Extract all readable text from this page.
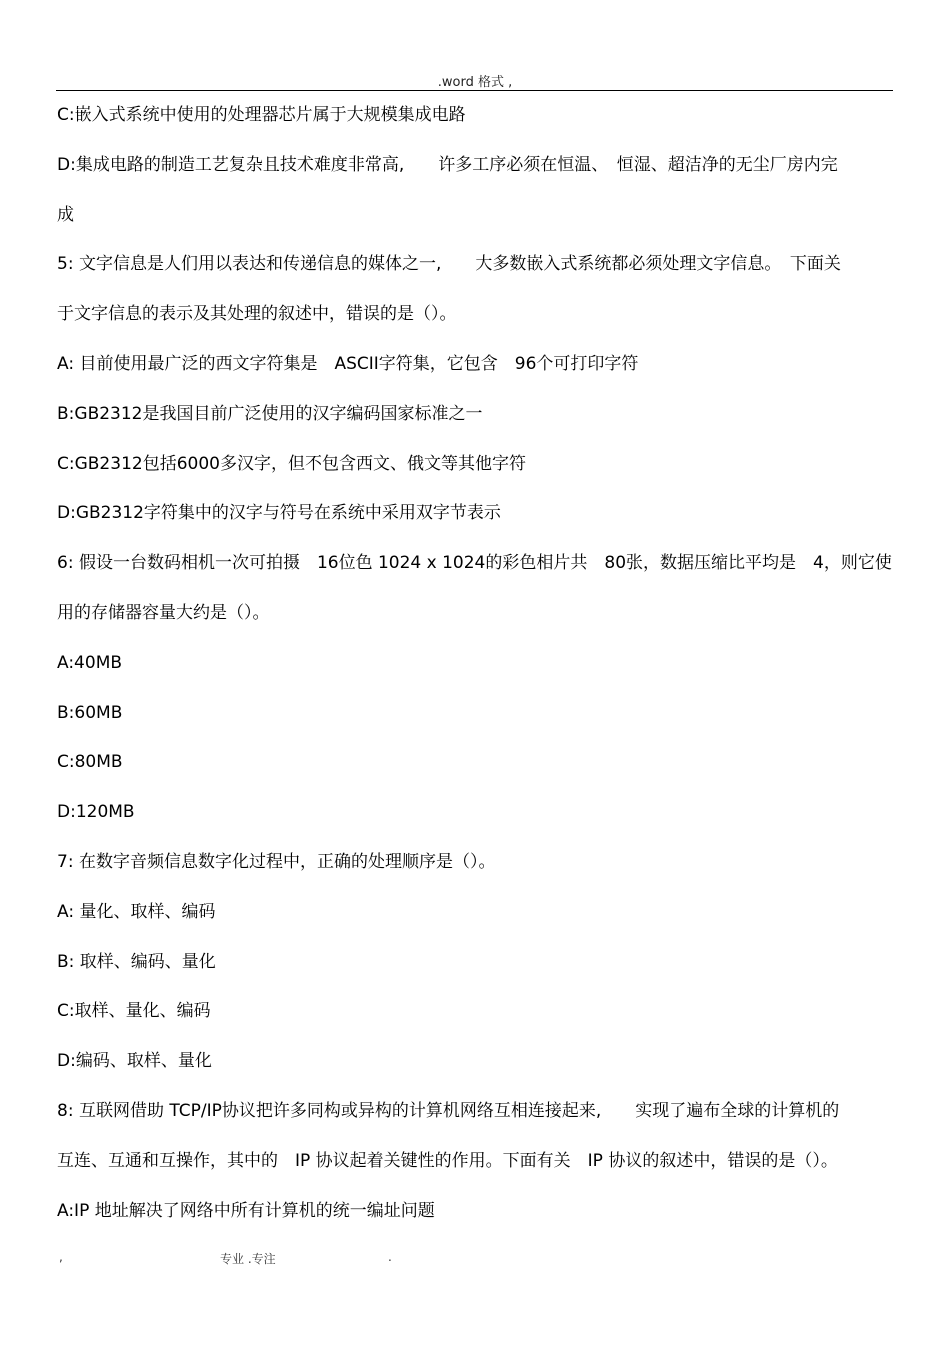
.word 格式 ,
C:嵌入式系统中使用的处理器芯片属于大规模集成电路
D:集成电路的制造工艺复杂且技术难度非常高,　　许多工序必须在恒温、　恒湿、超洁净的无尘厂房内完
成
5: 文字信息是人们用以表达和传递信息的媒体之一,　　大多数嵌入式系统都必须处理文字信息。　下面关
于文字信息的表示及其处理的叙述中，错误的是（）。
A: 目前使用最广泛的西文字符集是　ASCII字符集，它包含　96个可打印字符
B:GB2312是我国目前广泛使用的汉字编码国家标准之一
C:GB2312包括6000多汉字，但不包含西文、俄文等其他字符
D:GB2312字符集中的汉字与符号在系统中采用双字节表示
6: 假设一台数码相机一次可拍摄　16位色 1024 x 1024的彩色相片共　80张，数据压缩比平均是　4，则它使
用的存储器容量大约是（）。
A:40MB
B:60MB
C:80MB
D:120MB
7: 在数字音频信息数字化过程中，正确的处理顺序是（）。
A: 量化、取样、编码
B: 取样、编码、量化
C:取样、量化、编码
D:编码、取样、量化
8: 互联网借助 TCP/IP协议把许多同构或异构的计算机网络互相连接起来,　　实现了遍布全球的计算机的
互连、互通和互操作，其中的　IP 协议起着关键性的作用。下面有关　IP 协议的叙述中，错误的是（）。
A:IP 地址解决了网络中所有计算机的统一编址问题
,	专业 .专注	.
